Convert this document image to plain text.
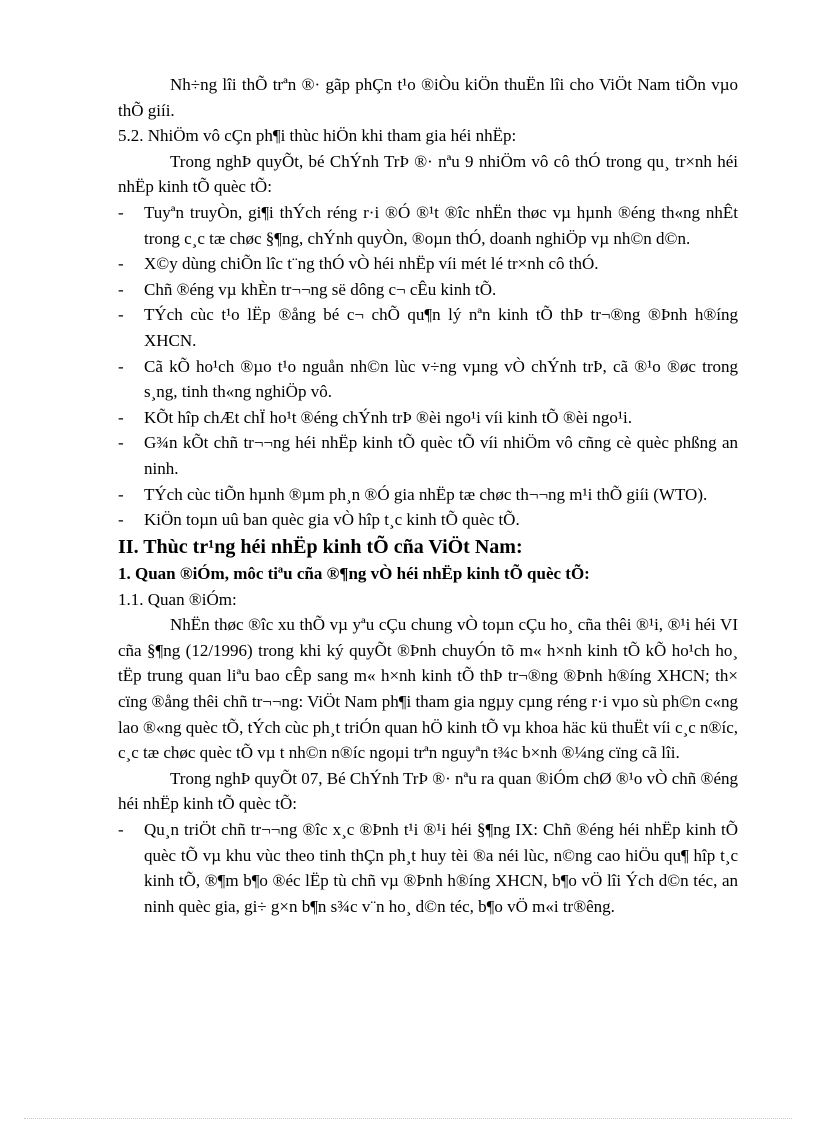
Nh÷ng lîi thÕ trªn ®· gãp phÇn t¹o ®iÒu kiÖn thuËn lîi cho ViÖt Nam tiÕn vµo thÕ giíi.

5.2. NhiÖm vô cÇn ph¶i thùc hiÖn khi tham gia héi nhËp:

Trong nghÞ quyÕt, bé ChÝnh TrÞ ®· nªu 9 nhiÖm vô cô thÓ trong qu¸ tr×nh héi nhËp kinh tÕ quèc tÕ:

- Tuyªn truyÒn, gi¶i thÝch réng r·i ®Ó ®¹t ®îc nhËn thøc vµ hµnh ®éng th«ng nhÊt trong c¸c tæ chøc §¶ng, chÝnh quyÒn, ®oµn thÓ, doanh nghiÖp vµ nh©n d©n.
- X©y dùng chiÕn lîc t¨ng thÓ vÒ héi nhËp víi mét lé tr×nh cô thÓ.
- Chñ ®éng vµ khÈn tr¬¬ng së dông c¬ cÊu kinh tÕ.
- TÝch cùc t¹o lËp ®ång bé c¬ chÕ qu¶n lý nªn kinh tÕ thÞ tr¬®ng ®Þnh h®íng XHCN.
- Cã kÕ ho¹ch ®µo t¹o nguån nh©n lùc v÷ng vµng vÒ chÝnh trÞ, cã ®¹o ®øc trong s¸ng, tinh th«ng nghiÖp vô.
- KÕt hîp chÆt chÏ ho¹t ®éng chÝnh trÞ ®èi ngo¹i víi kinh tÕ ®èi ngo¹i.
- G¾n kÕt chñ tr¬¬ng héi nhËp kinh tÕ quèc tÕ víi nhiÖm vô cñng cè quèc phßng an ninh.
- TÝch cùc tiÕn hµnh ®µm ph¸n ®Ó gia nhËp tæ chøc th¬¬ng m¹i thÕ giíi (WTO).
- KiÖn toµn uû ban quèc gia vÒ hîp t¸c kinh tÕ quèc tÕ.

II. Thùc tr¹ng héi nhËp kinh tÕ cña ViÖt Nam:

1. Quan ®iÓm, môc tiªu cña ®¶ng vÒ héi nhËp kinh tÕ quèc tÕ:

1.1. Quan ®iÓm:

NhËn thøc ®îc xu thÕ vµ yªu cÇu chung vÒ toµn cÇu ho¸ cña thêi ®¹i, ®¹i héi VI cña §¶ng (12/1996) trong khi ký quyÕt ®Þnh chuyÓn tõ m« h×nh kinh tÕ kÕ ho¹ch ho¸ tËp trung quan liªu bao cÊp sang m« h×nh kinh tÕ thÞ tr¬®ng ®Þnh h®íng XHCN; th× cïng ®ång thêi chñ tr¬¬ng: ViÖt Nam ph¶i tham gia ngµy cµng réng r·i vµo sù ph©n c«ng lao ®«ng quèc tÕ, tÝch cùc ph¸t triÓn quan hÖ kinh tÕ vµ khoa häc kü thuËt víi c¸c n®íc, c¸c tæ chøc quèc tÕ vµ t nh©n n®íc ngoµi trªn nguyªn t¾c b×nh ®¼ng cïng cã lîi.

Trong nghÞ quyÕt 07, Bé ChÝnh TrÞ ®· nªu ra quan ®iÓm chØ ®¹o vÒ chñ ®éng héi nhËp kinh tÕ quèc tÕ:

- Qu¸n triÖt chñ tr¬¬ng ®îc x¸c ®Þnh t¹i ®¹i héi §¶ng IX: Chñ ®éng héi nhËp kinh tÕ quèc tÕ vµ khu vùc theo tinh thÇn ph¸t huy tèi ®a néi lùc, n©ng cao hiÖu qu¶ hîp t¸c kinh tÕ, ®¶m b¶o ®éc lËp tù chñ vµ ®Þnh h®íng XHCN, b¶o vÖ lîi Ých d©n téc, an ninh quèc gia, gi÷ g×n b¶n s¾c v¨n ho¸ d©n téc, b¶o vÖ m«i tr®êng.
